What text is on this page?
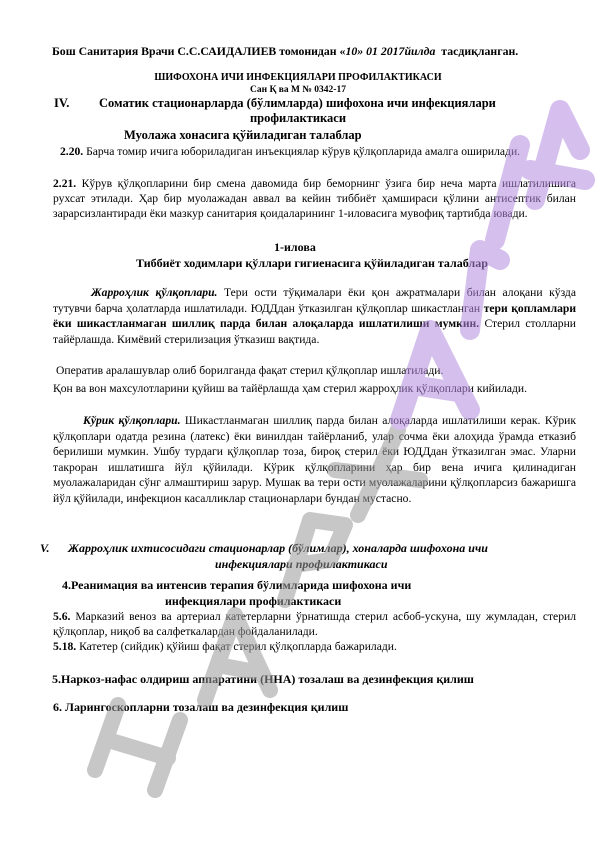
Бош Санитария Врачи С.С.САИДАЛИЕВ томонидан «10» 01 2017йилда тасдиқланган.
ШИФОХОНА ИЧИ ИНФЕКЦИЯЛАРИ ПРОФИЛАКТИКАСИ
Сан Қ ва М № 0342-17
IV. Соматик стационарларда (бўлимларда) шифохона ичи инфекциялари
профилактикаси
Муолажа хонасига қўйиладиган талаблар
2.20. Барча томир ичига юбориладиган инъекциялар кўрув қўлқопларида амалга оширилади.
2.21. Кўрув қўлқопларини бир смена давомида бир беморнинг ўзига бир неча марта ишлатилишига рухсат этилади. Ҳар бир муолажадан аввал ва кейин тиббиёт ҳамшираси қўлини антисептик билан зарарсизлантиради ёки мазкур санитария қоидаларининг 1-иловасига мувофиқ тартибда ювади.
1-илова
Тиббиёт ходимлари қўллари гигиенасига қўйиладиган талаблар
Жарроҳлик қўлқоплари. Тери ости тўқималари ёки қон ажратмалари билан алоқани кўзда тутувчи барча ҳолатларда ишлатилади. ЮДДдан ўтказилган қўлқоплар шикастланган тери қопламлари ёки шикастланмаган шиллиқ парда билан алоқаларда ишлатилиши мумкин. Стерил столларни тайёрлашда. Кимёвий стерилизация ўтказиш вақтида.
Оператив аралашувлар олиб борилганда фақат стерил қўлқоплар ишлатилади.
Қон ва вон махсулотларини қуйиш ва тайёрлашда ҳам стерил жарроҳлик қўлқоплари кийилади.
Кўрик қўлқоплари. Шикастланмаган шиллиқ парда билан алоқаларда ишлатилиши керак. Кўрик қўлқоплари одатда резина (латекс) ёки винилдан тайёрланиб, улар сочма ёки алоҳида ўрамда етказиб берилиши мумкин. Ушбу турдаги қўлқоплар тоза, бироқ стерил ёки ЮДДдан ўтказилган эмас. Уларни такроран ишлатишга йўл қўйилади. Кўрик қўлқопларини ҳар бир вена ичига қилинадиган муолажаларидан сўнг алмаштириш зарур. Мушак ва тери ости муолажаларини қўлқопларсиз бажаришга йўл қўйилади, инфекцион касалликлар стационарлари бундан мустасно.
V. Жарроҳлик ихтисосидаги стационарлар (бўлимлар), хоналарда шифохона ичи
инфекциялари профилактикаси
4.Реанимация ва интенсив терапия бўлимларида шифохона ичи
инфекциялари профилактикаси
5.6. Марказий веноз ва артериал катетерларни ўрнатишда стерил асбоб-ускуна, шу жумладан, стерил қўлқоплар, ниқоб ва салфеткалардан фойдаланилади.
5.18. Катетер (сийдик) қўйиш фақат стерил қўлқопларда бажарилади.
5.Наркоз-нафас олдириш аппаратини (ННА) тозалаш ва дезинфекция қилиш
6. Ларингоскопларни тозалаш ва дезинфекция қилиш
